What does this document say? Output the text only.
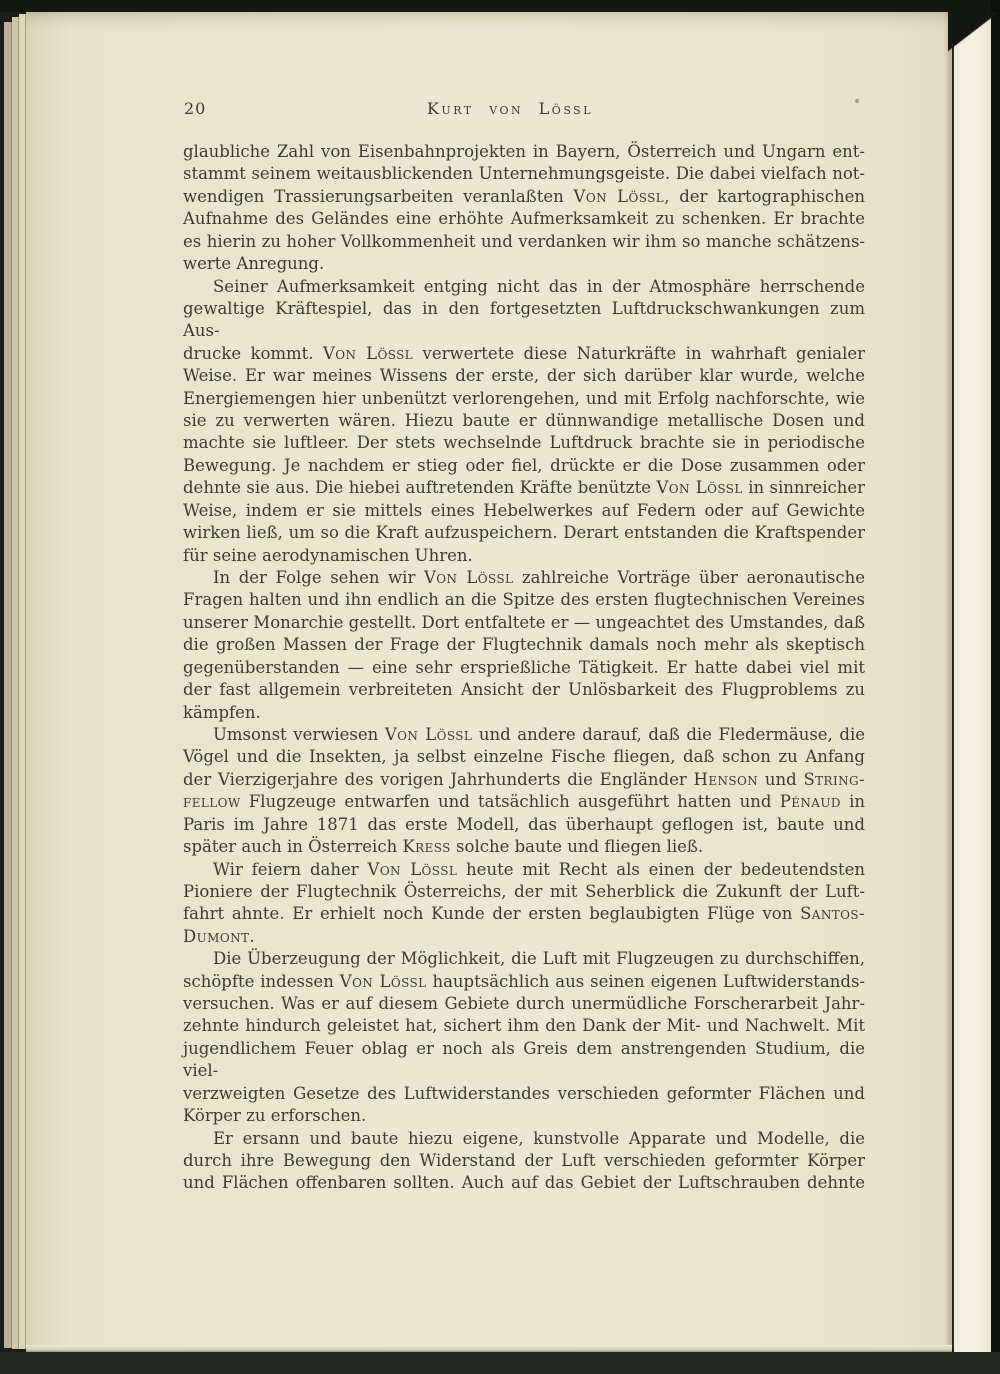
20	Kurt von Lössl
glaubliche Zahl von Eisenbahnprojekten in Bayern, Österreich und Ungarn ent-
stammt seinem weitausblickenden Unternehmungsgeiste. Die dabei vielfach not-
wendigen Trassierungsarbeiten veranlaßten Von Lössl, der kartographischen
Aufnahme des Geländes eine erhöhte Aufmerksamkeit zu schenken. Er brachte
es hierin zu hoher Vollkommenheit und verdanken wir ihm so manche schätzens-
werte Anregung.
Seiner Aufmerksamkeit entging nicht das in der Atmosphäre herrschende
gewaltige Kräftespiel, das in den fortgesetzten Luftdruckschwankungen zum Aus-
drucke kommt. Von Lössl verwertete diese Naturkräfte in wahrhaft genialer
Weise. Er war meines Wissens der erste, der sich darüber klar wurde, welche
Energiemengen hier unbenützt verlorengehen, und mit Erfolg nachforschte, wie
sie zu verwerten wären. Hiezu baute er dünnwandige metallische Dosen und
machte sie luftleer. Der stets wechselnde Luftdruck brachte sie in periodische
Bewegung. Je nachdem er stieg oder fiel, drückte er die Dose zusammen oder
dehnte sie aus. Die hiebei auftretenden Kräfte benützte Von Lössl in sinnreicher
Weise, indem er sie mittels eines Hebelwerkes auf Federn oder auf Gewichte
wirken ließ, um so die Kraft aufzuspeichern. Derart entstanden die Kraftspender
für seine aerodynamischen Uhren.
In der Folge sehen wir Von Lössl zahlreiche Vorträge über aeronautische
Fragen halten und ihn endlich an die Spitze des ersten flugtechnischen Vereines
unserer Monarchie gestellt. Dort entfaltete er — ungeachtet des Umstandes, daß
die großen Massen der Frage der Flugtechnik damals noch mehr als skeptisch
gegenüberstanden — eine sehr ersprießliche Tätigkeit. Er hatte dabei viel mit
der fast allgemein verbreiteten Ansicht der Unlösbarkeit des Flugproblems zu
kämpfen.
Umsonst verwiesen Von Lössl und andere darauf, daß die Fledermäuse, die
Vögel und die Insekten, ja selbst einzelne Fische fliegen, daß schon zu Anfang
der Vierzigerjahre des vorigen Jahrhunderts die Engländer Henson und String-
fellow Flugzeuge entwarfen und tatsächlich ausgeführt hatten und Pénaud in
Paris im Jahre 1871 das erste Modell, das überhaupt geflogen ist, baute und
später auch in Österreich Kress solche baute und fliegen ließ.
Wir feiern daher Von Lössl heute mit Recht als einen der bedeutendsten
Pioniere der Flugtechnik Österreichs, der mit Seherblick die Zukunft der Luft-
fahrt ahnte. Er erhielt noch Kunde der ersten beglaubigten Flüge von Santos-
Dumont.
Die Überzeugung der Möglichkeit, die Luft mit Flugzeugen zu durchschiffen,
schöpfte indessen Von Lössl hauptsächlich aus seinen eigenen Luftwiderstands-
versuchen. Was er auf diesem Gebiete durch unermüdliche Forscherarbeit Jahr-
zehnte hindurch geleistet hat, sichert ihm den Dank der Mit- und Nachwelt. Mit
jugendlichem Feuer oblag er noch als Greis dem anstrengenden Studium, die viel-
verzweigten Gesetze des Luftwiderstandes verschieden geformter Flächen und
Körper zu erforschen.
Er ersann und baute hiezu eigene, kunstvolle Apparate und Modelle, die
durch ihre Bewegung den Widerstand der Luft verschieden geformter Körper
und Flächen offenbaren sollten. Auch auf das Gebiet der Luftschrauben dehnte
